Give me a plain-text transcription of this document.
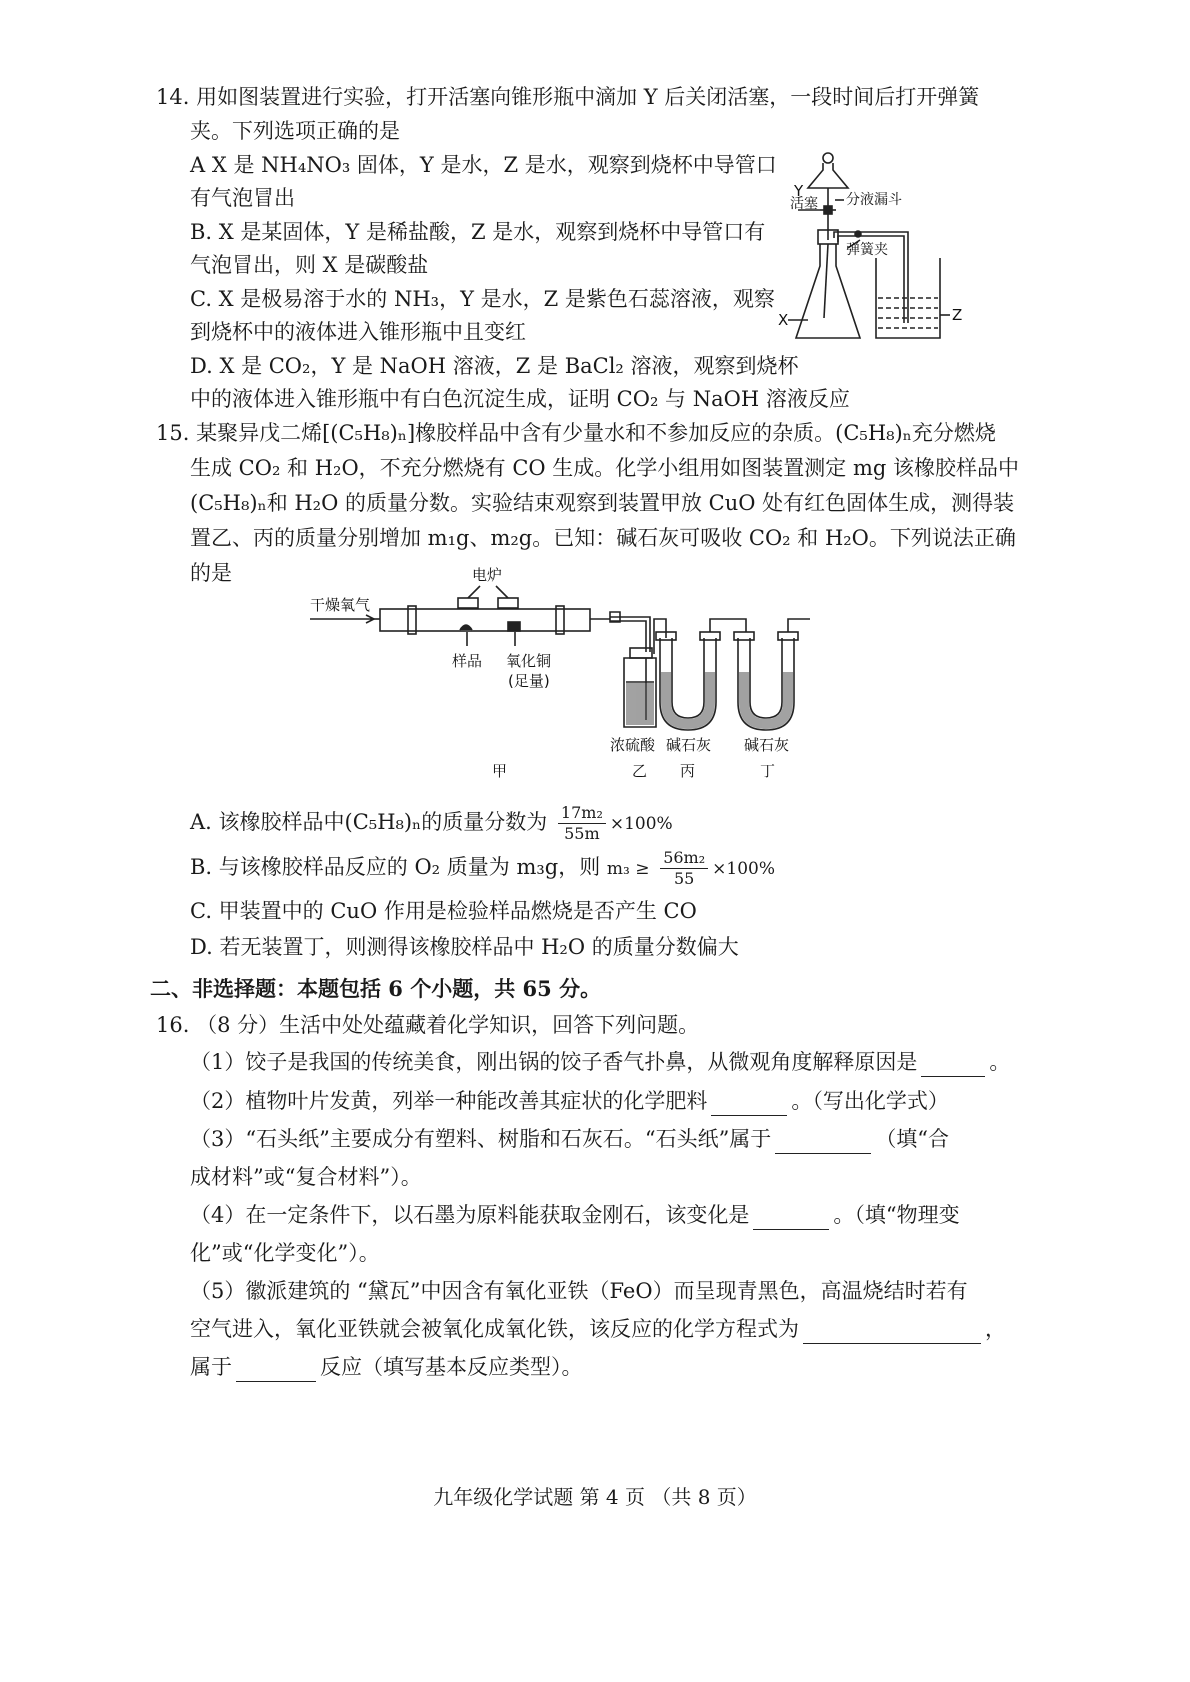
14. 用如图装置进行实验，打开活塞向锥形瓶中滴加 Y 后关闭活塞，一段时间后打开弹簧
夹。下列选项正确的是
A X 是 NH₄NO₃ 固体，Y 是水，Z 是水，观察到烧杯中导管口
有气泡冒出
B. X 是某固体，Y 是稀盐酸，Z 是水，观察到烧杯中导管口有
气泡冒出，则 X 是碳酸盐
C. X 是极易溶于水的 NH₃，Y 是水，Z 是紫色石蕊溶液，观察
到烧杯中的液体进入锥形瓶中且变红
D. X 是 CO₂，Y 是 NaOH 溶液，Z 是 BaCl₂ 溶液，观察到烧杯
中的液体进入锥形瓶中有白色沉淀生成，证明 CO₂ 与 NaOH 溶液反应
活塞
Y	分液漏斗
弹簧夹
X	Z
15. 某聚异戊二烯[(C₅H₈)ₙ]橡胶样品中含有少量水和不参加反应的杂质。(C₅H₈)ₙ充分燃烧
生成 CO₂ 和 H₂O，不充分燃烧有 CO 生成。化学小组用如图装置测定 mg 该橡胶样品中
(C₅H₈)ₙ和 H₂O 的质量分数。实验结束观察到装置甲放 CuO 处有红色固体生成，测得装
置乙、丙的质量分别增加 m₁g、m₂g。已知：碱石灰可吸收 CO₂ 和 H₂O。下列说法正确
的是
干燥氧气
电炉
样品 氧化铜
(足量)
浓硫酸 碱石灰 碱石灰
甲	乙 丙	丁
A. 该橡胶样品中(C₅H₈)ₙ的质量分数为 $\frac{\text{17m₂}}{55m} \times 100\%$
B. 与该橡胶样品反应的 O₂ 质量为 m₃g，则 $m_3 \ge \frac{\text{56m₂}}{55} \times 100\%$
C. 甲装置中的 CuO 作用是检验样品燃烧是否产生 CO
D. 若无装置丁，则测得该橡胶样品中 H₂O 的质量分数偏大
二、非选择题：本题包括 6 个小题，共 65 分。
16. （8 分）生活中处处蕴藏着化学知识，回答下列问题。
（1）饺子是我国的传统美食，刚出锅的饺子香气扑鼻，从微观角度解释原因是	。
（2）植物叶片发黄，列举一种能改善其症状的化学肥料	。（写出化学式）
（3）“石头纸”主要成分有塑料、树脂和石灰石。“石头纸”属于	（填“合
成材料”或“复合材料”）。
（4）在一定条件下，以石墨为原料能获取金刚石，该变化是	。（填“物理变
化”或“化学变化”）。
（5）徽派建筑的 “黛瓦”中因含有氧化亚铁（FeO）而呈现青黑色，高温烧结时若有
空气进入，氧化亚铁就会被氧化成氧化铁，该反应的化学方程式为	，
属于	反应（填写基本反应类型）。
九年级化学试题 第 4 页 （共 8 页）
